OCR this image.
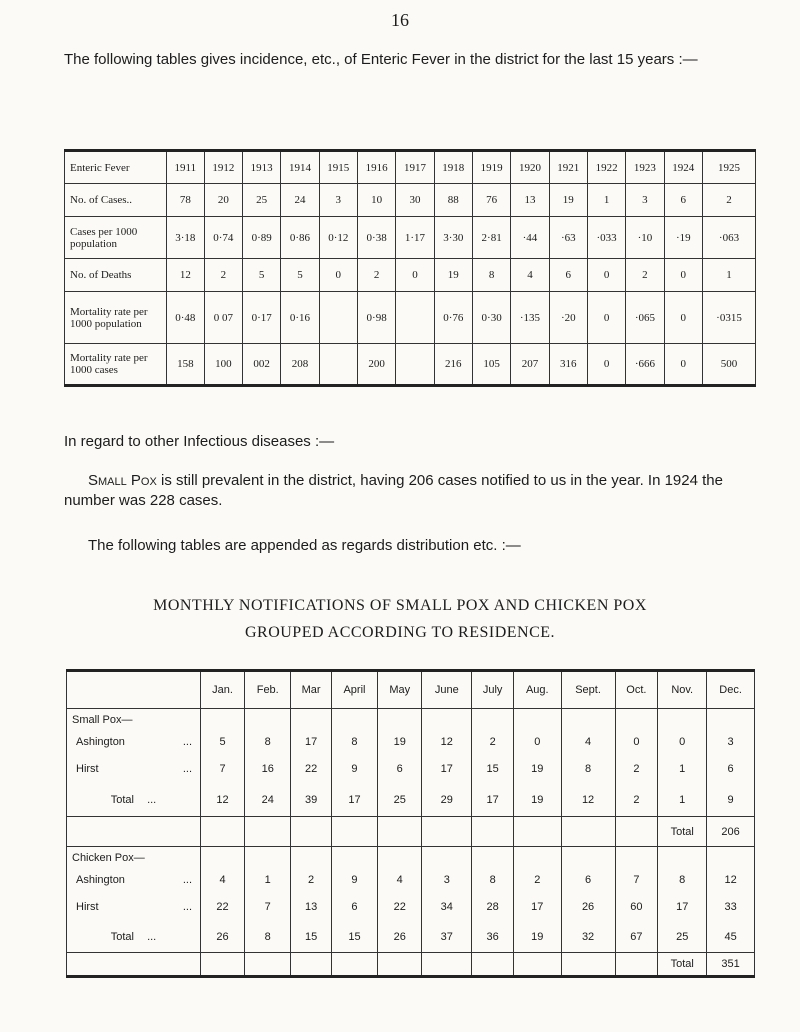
16
The following tables gives incidence, etc., of Enteric Fever in the district for the last 15 years :—
Enteric Fever	1911	1912	1913	1914	1915	1916	1917	1918	1919	1920	1921	1922	1923	1924	1925
No. of Cases..	78	20	25	24	3	10	30	88	76	13	19	1	3	6	2
Cases per 1000 population	3·18	0·74	0·89	0·86	0·12	0·38	1·17	3·30	2·81	·44	·63	·033	·10	·19	·063
No. of Deaths	12	2	5	5	0	2	0	19	8	4	6	0	2	0	1
Mortality rate per 1000 population	0·48	0 07	0·17	0·16		0·98		0·76	0·30	·135	·20	0	·065	0	·0315
Mortality rate per 1000 cases	158	100	002	208		200		216	105	207	316	0	·666	0	500
In regard to other Infectious diseases :—
Small Pox is still prevalent in the district, having 206 cases notified to us in the year. In 1924 the number was 228 cases.
The following tables are appended as regards distribution etc. :—
MONTHLY NOTIFICATIONS OF SMALL POX AND CHICKEN POX
GROUPED ACCORDING TO RESIDENCE.
	Jan.	Feb.	Mar	April	May	June	July	Aug.	Sept.	Oct.	Nov.	Dec.
Small Pox—												
Ashington ...	5	8	17	8	19	12	2	0	4	0	0	3
Hirst ...	7	16	22	9	6	17	15	19	8	2	1	6
Total ...	12	24	39	17	25	29	17	19	12	2	1	9
											Total	206
Chicken Pox—												
Ashington ...	4	1	2	9	4	3	8	2	6	7	8	12
Hirst ...	22	7	13	6	22	34	28	17	26	60	17	33
Total ...	26	8	15	15	26	37	36	19	32	67	25	45
											Total	351
